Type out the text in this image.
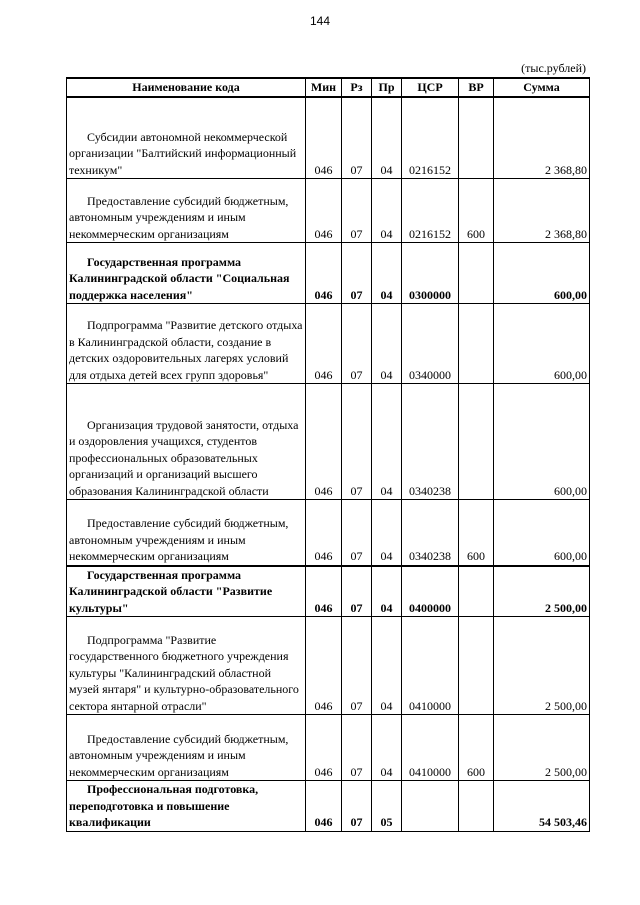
144
(тыс.рублей)
Наименование кода	Мин	Рз	Пр	ЦСР	ВР	Сумма

Субсидии автономной некоммерческой организации "Балтийский информационный техникум"	046	07	04	0216152		2 368,80

Предоставление субсидий бюджетным, автономным учреждениям и иным некоммерческим организациям	046	07	04	0216152	600	2 368,80

Государственная программа Калининградской области "Социальная поддержка населения"	046	07	04	0300000		600,00

Подпрограмма "Развитие детского отдыха в Калининградской области, создание в детских оздоровительных лагерях условий для отдыха детей всех групп здоровья"	046	07	04	0340000		600,00

Организация трудовой занятости, отдыха и оздоровления учащихся, студентов профессиональных образовательных организаций и организаций высшего образования Калининградской области	046	07	04	0340238		600,00

Предоставление субсидий бюджетным, автономным учреждениям и иным некоммерческим организациям	046	07	04	0340238	600	600,00

Государственная программа Калининградской области "Развитие культуры"	046	07	04	0400000		2 500,00

Подпрограмма "Развитие государственного бюджетного учреждения культуры "Калининградский областной музей янтаря" и культурно-образовательного сектора янтарной отрасли"	046	07	04	0410000		2 500,00

Предоставление субсидий бюджетным, автономным учреждениям и иным некоммерческим организациям	046	07	04	0410000	600	2 500,00

Профессиональная подготовка, переподготовка и повышение квалификации	046	07	05			54 503,46
